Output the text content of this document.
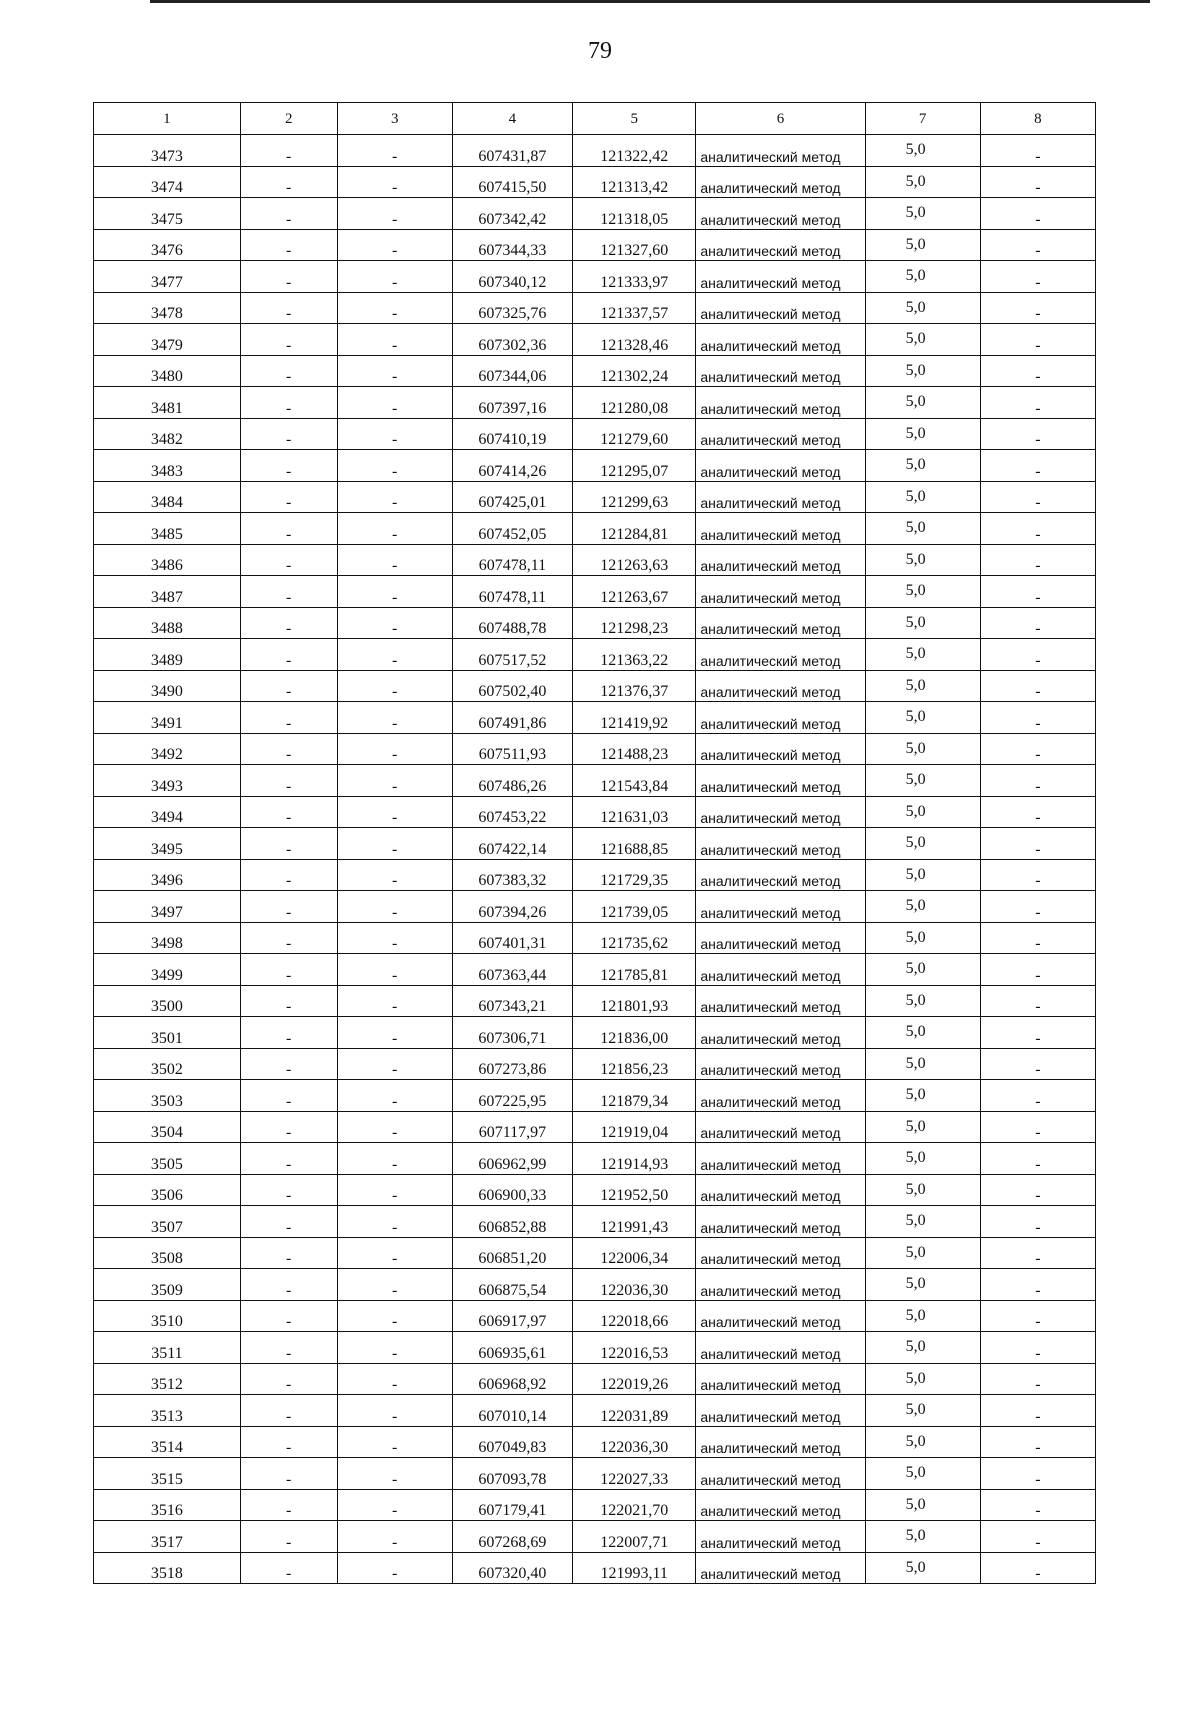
79
1	2	3	4	5	6	7	8
3473	-	-	607431,87	121322,42	аналитический метод	5,0	-
3474	-	-	607415,50	121313,42	аналитический метод	5,0	-
3475	-	-	607342,42	121318,05	аналитический метод	5,0	-
3476	-	-	607344,33	121327,60	аналитический метод	5,0	-
3477	-	-	607340,12	121333,97	аналитический метод	5,0	-
3478	-	-	607325,76	121337,57	аналитический метод	5,0	-
3479	-	-	607302,36	121328,46	аналитический метод	5,0	-
3480	-	-	607344,06	121302,24	аналитический метод	5,0	-
3481	-	-	607397,16	121280,08	аналитический метод	5,0	-
3482	-	-	607410,19	121279,60	аналитический метод	5,0	-
3483	-	-	607414,26	121295,07	аналитический метод	5,0	-
3484	-	-	607425,01	121299,63	аналитический метод	5,0	-
3485	-	-	607452,05	121284,81	аналитический метод	5,0	-
3486	-	-	607478,11	121263,63	аналитический метод	5,0	-
3487	-	-	607478,11	121263,67	аналитический метод	5,0	-
3488	-	-	607488,78	121298,23	аналитический метод	5,0	-
3489	-	-	607517,52	121363,22	аналитический метод	5,0	-
3490	-	-	607502,40	121376,37	аналитический метод	5,0	-
3491	-	-	607491,86	121419,92	аналитический метод	5,0	-
3492	-	-	607511,93	121488,23	аналитический метод	5,0	-
3493	-	-	607486,26	121543,84	аналитический метод	5,0	-
3494	-	-	607453,22	121631,03	аналитический метод	5,0	-
3495	-	-	607422,14	121688,85	аналитический метод	5,0	-
3496	-	-	607383,32	121729,35	аналитический метод	5,0	-
3497	-	-	607394,26	121739,05	аналитический метод	5,0	-
3498	-	-	607401,31	121735,62	аналитический метод	5,0	-
3499	-	-	607363,44	121785,81	аналитический метод	5,0	-
3500	-	-	607343,21	121801,93	аналитический метод	5,0	-
3501	-	-	607306,71	121836,00	аналитический метод	5,0	-
3502	-	-	607273,86	121856,23	аналитический метод	5,0	-
3503	-	-	607225,95	121879,34	аналитический метод	5,0	-
3504	-	-	607117,97	121919,04	аналитический метод	5,0	-
3505	-	-	606962,99	121914,93	аналитический метод	5,0	-
3506	-	-	606900,33	121952,50	аналитический метод	5,0	-
3507	-	-	606852,88	121991,43	аналитический метод	5,0	-
3508	-	-	606851,20	122006,34	аналитический метод	5,0	-
3509	-	-	606875,54	122036,30	аналитический метод	5,0	-
3510	-	-	606917,97	122018,66	аналитический метод	5,0	-
3511	-	-	606935,61	122016,53	аналитический метод	5,0	-
3512	-	-	606968,92	122019,26	аналитический метод	5,0	-
3513	-	-	607010,14	122031,89	аналитический метод	5,0	-
3514	-	-	607049,83	122036,30	аналитический метод	5,0	-
3515	-	-	607093,78	122027,33	аналитический метод	5,0	-
3516	-	-	607179,41	122021,70	аналитический метод	5,0	-
3517	-	-	607268,69	122007,71	аналитический метод	5,0	-
3518	-	-	607320,40	121993,11	аналитический метод	5,0	-
